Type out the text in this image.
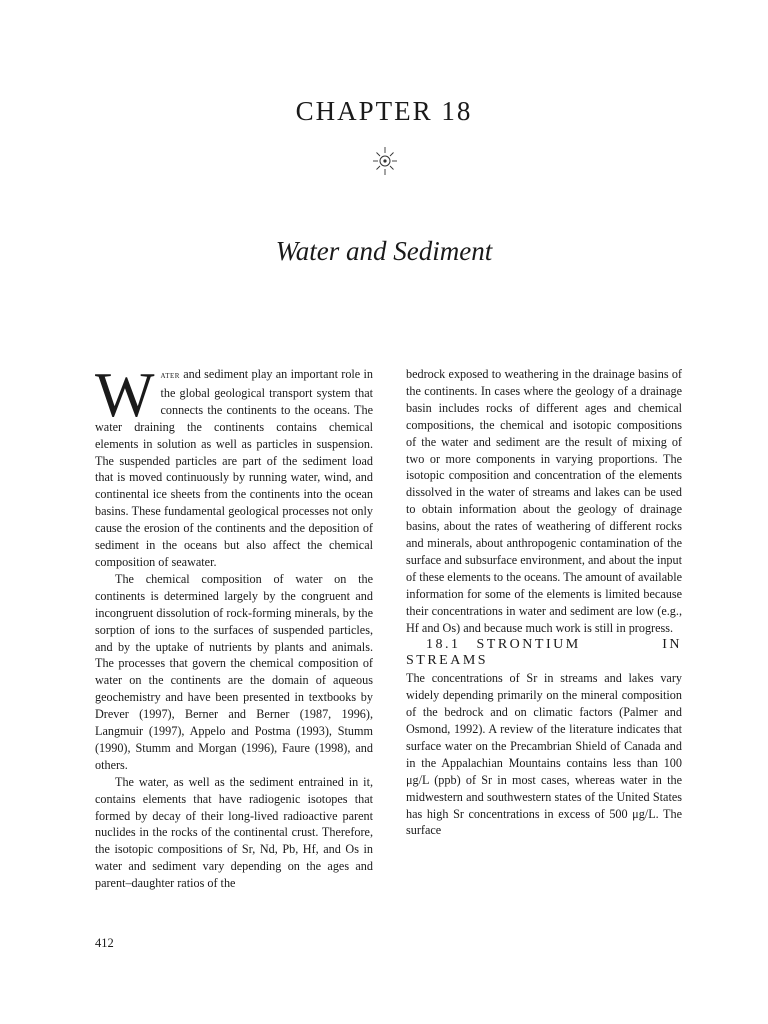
CHAPTER 18
Water and Sediment

Water and sediment play an important role in the global geological transport system that connects the continents to the oceans. The water draining the continents contains chemical elements in solution as well as particles in suspension. The suspended particles are part of the sediment load that is moved continuously by running water, wind, and continental ice sheets from the continents into the ocean basins. These fundamental geological processes not only cause the erosion of the continents and the deposition of sediment in the oceans but also affect the chemical composition of seawater.

The chemical composition of water on the continents is determined largely by the congruent and incongruent dissolution of rock-forming minerals, by the sorption of ions to the surfaces of suspended particles, and by the uptake of nutrients by plants and animals. The processes that govern the chemical composition of water on the continents are the domain of aqueous geochemistry and have been presented in textbooks by Drever (1997), Berner and Berner (1987, 1996), Langmuir (1997), Appelo and Postma (1993), Stumm (1990), Stumm and Morgan (1996), Faure (1998), and others.

The water, as well as the sediment entrained in it, contains elements that have radiogenic isotopes that formed by decay of their long-lived radioactive parent nuclides in the rocks of the continental crust. Therefore, the isotopic compositions of Sr, Nd, Pb, Hf, and Os in water and sediment vary depending on the ages and parent–daughter ratios of the

bedrock exposed to weathering in the drainage basins of the continents. In cases where the geology of a drainage basin includes rocks of different ages and chemical compositions, the chemical and isotopic compositions of the water and sediment are the result of mixing of two or more components in varying proportions. The isotopic composition and concentration of the elements dissolved in the water of streams and lakes can be used to obtain information about the geology of drainage basins, about the rates of weathering of different rocks and minerals, about anthropogenic contamination of the surface and subsurface environment, and about the input of these elements to the oceans. The amount of available information for some of the elements is limited because their concentrations in water and sediment are low (e.g., Hf and Os) and because much work is still in progress.

18.1 STRONTIUM IN STREAMS

The concentrations of Sr in streams and lakes vary widely depending primarily on the mineral composition of the bedrock and on climatic factors (Palmer and Osmond, 1992). A review of the literature indicates that surface water on the Precambrian Shield of Canada and in the Appalachian Mountains contains less than 100 μg/L (ppb) of Sr in most cases, whereas water in the midwestern and southwestern states of the United States has high Sr concentrations in excess of 500 μg/L. The surface

412
